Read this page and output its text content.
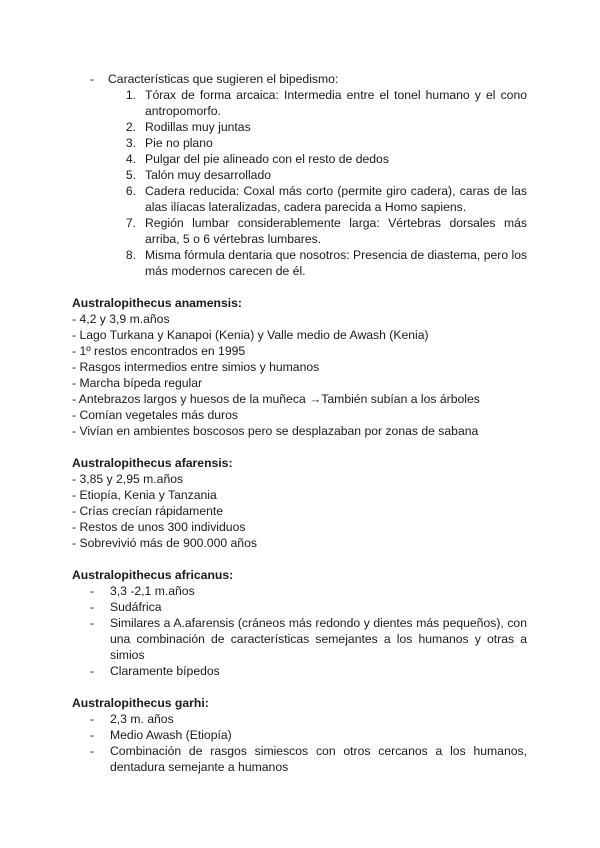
-	Características que sugieren el bipedismo:
1. Tórax de forma arcaica: Intermedia entre el tonel humano y el cono
antropomorfo.
2. Rodillas muy juntas
3. Pie no plano
4. Pulgar del pie alineado con el resto de dedos
5. Talón muy desarrollado
6. Cadera reducida: Coxal más corto (permite giro cadera), caras de las
alas ilíacas lateralizadas, cadera parecida a Homo sapiens.
7. Región lumbar considerablemente larga: Vértebras dorsales más
arriba, 5 o 6 vértebras lumbares.
8. Misma fórmula dentaria que nosotros: Presencia de diastema, pero los
más modernos carecen de él.
Australopithecus anamensis:
- 4,2 y 3,9 m.años
- Lago Turkana y Kanapoi (Kenia) y Valle medio de Awash (Kenia)
- 1º restos encontrados en 1995
- Rasgos intermedios entre simios y humanos
- Marcha bípeda regular
- Antebrazos largos y huesos de la muñeca →También subían a los árboles
- Comían vegetales más duros
- Vivían en ambientes boscosos pero se desplazaban por zonas de sabana
Australopithecus afarensis:
- 3,85 y 2,95 m.años
- Etiopía, Kenia y Tanzania
- Crías crecían rápidamente
- Restos de unos 300 individuos
- Sobrevivió más de 900.000 años
Australopithecus africanus:
-	3,3 -2,1 m.años
-	Sudáfrica
-	Similares a A.afarensis (cráneos más redondo y dientes más pequeños), con
una combinación de características semejantes a los humanos y otras a
simios
-	Claramente bípedos
Australopithecus garhi:
-	2,3 m. años
-	Medio Awash (Etiopía)
-	Combinación de rasgos simiescos con otros cercanos a los humanos,
dentadura semejante a humanos
